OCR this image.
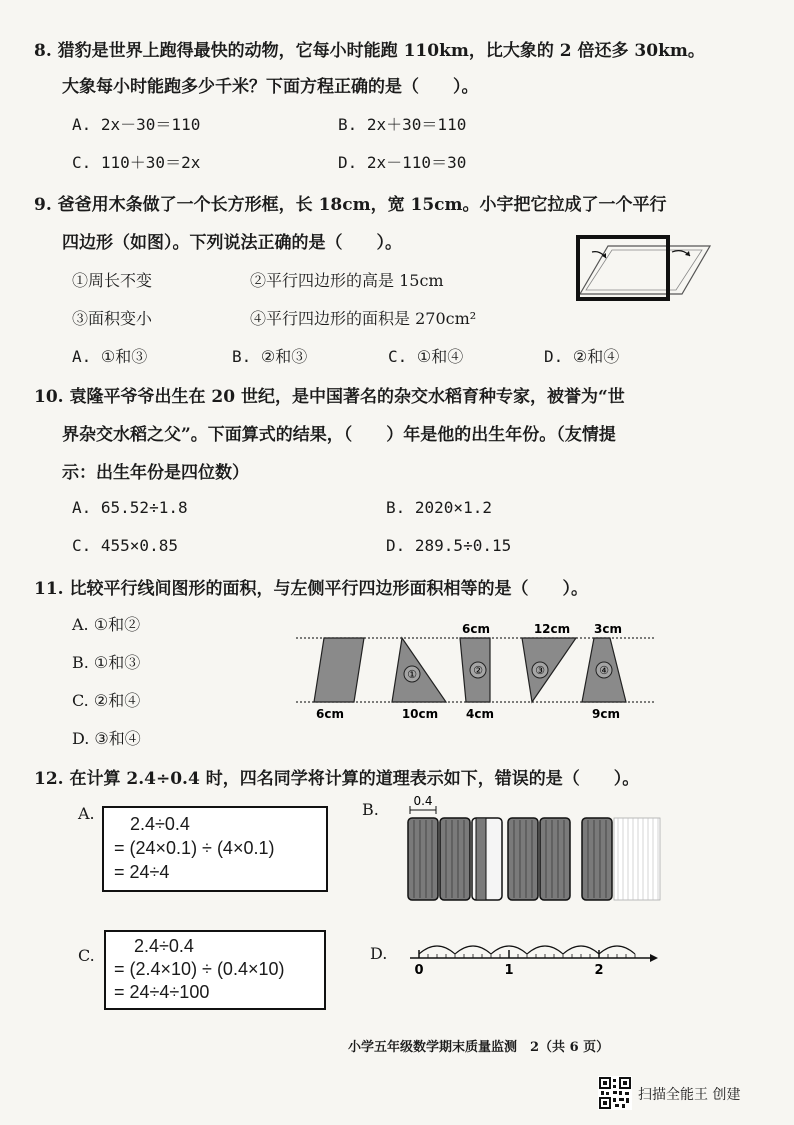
8. 猎豹是世界上跑得最快的动物，它每小时能跑 110km，比大象的 2 倍还多 30km。
大象每小时能跑多少千米？下面方程正确的是（　　）。
A. 2x－30＝110	B. 2x＋30＝110
C. 110＋30＝2x	D. 2x－110＝30
9. 爸爸用木条做了一个长方形框，长 18cm，宽 15cm。小宇把它拉成了一个平行
四边形（如图）。下列说法正确的是（　　）。
①周长不变	②平行四边形的高是 15cm
③面积变小	④平行四边形的面积是 270cm²
A. ①和③	B. ②和③	C. ①和④	D. ②和④
10. 袁隆平爷爷出生在 20 世纪，是中国著名的杂交水稻育种专家，被誉为“世
界杂交水稻之父”。下面算式的结果，（　　）年是他的出生年份。（友情提
示：出生年份是四位数）
A. 65.52÷1.8	B. 2020×1.2
C. 455×0.85	D. 289.5÷0.15
11. 比较平行线间图形的面积，与左侧平行四边形面积相等的是（　　）。
A. ①和②
B. ①和③
C. ②和④
D. ③和④
①	②	③	④
6cm	12cm 3cm
6cm	10cm 4cm	9cm
12. 在计算 2.4÷0.4 时，四名同学将计算的道理表示如下，错误的是（　　）。
A.
2.4÷0.4
= (24×0.1) ÷ (4×0.1)
= 24÷4
B.	0.4
C. 2.4÷0.4
= (2.4×10) ÷ (0.4×10)
= 24÷4÷100
D.
0	1	2
小学五年级数学期末质量监测　2（共 6 页）
扫描全能王 创建
